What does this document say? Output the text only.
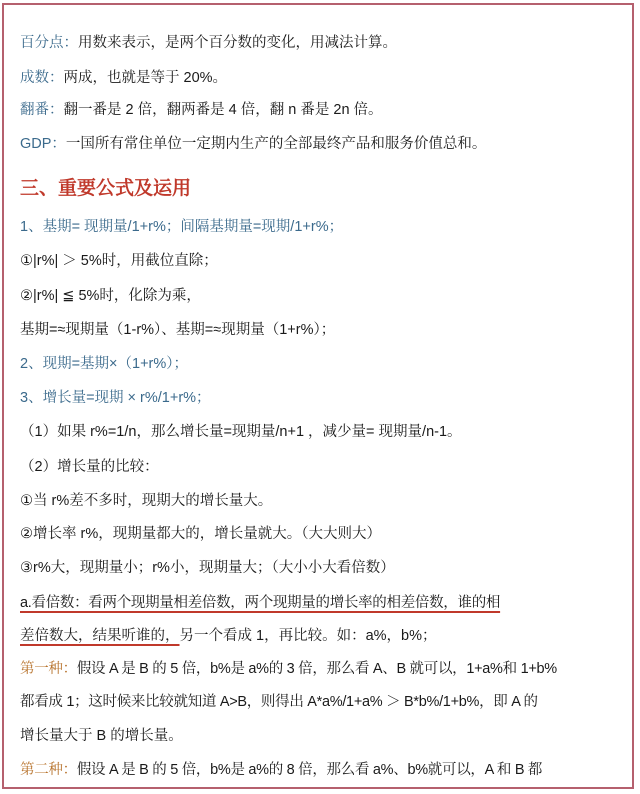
百分点：用数来表示，是两个百分数的变化，用减法计算。
成数：两成，也就是等于 20%。
翻番：翻一番是 2 倍，翻两番是 4 倍，翻 n 番是 2n 倍。
GDP：一国所有常住单位一定期内生产的全部最终产品和服务价值总和。
三、重要公式及运用
1、基期= 现期量/1+r%；间隔基期量=现期/1+r%；
①|r%| ＞ 5%时，用截位直除；
②|r%| ≦ 5%时，化除为乘，
基期=≈现期量（1-r%）、基期=≈现期量（1+r%）；
2、现期=基期×（1+r%）；
3、增长量=现期 × r%/1+r%；
（1）如果 r%=1/n，那么增长量=现期量/n+1 ，减少量= 现期量/n-1。
（2）增长量的比较：
①当 r%差不多时，现期大的增长量大。
②增长率 r%，现期量都大的，增长量就大。（大大则大）
③r%大，现期量小；r%小，现期量大；（大小小大看倍数）
a.看倍数：看两个现期量相差倍数，两个现期量的增长率的相差倍数，谁的相
差倍数大，结果听谁的，另一个看成 1，再比较。如：a%，b%；
第一种：假设 A 是 B 的 5 倍，b%是 a%的 3 倍，那么看 A、B 就可以，1+a%和 1+b%
都看成 1；这时候来比较就知道 A>B，则得出 A*a%/1+a% ＞ B*b%/1+b%，即 A 的
增长量大于 B 的增长量。
第二种：假设 A 是 B 的 5 倍，b%是 a%的 8 倍，那么看 a%、b%就可以，A 和 B 都
